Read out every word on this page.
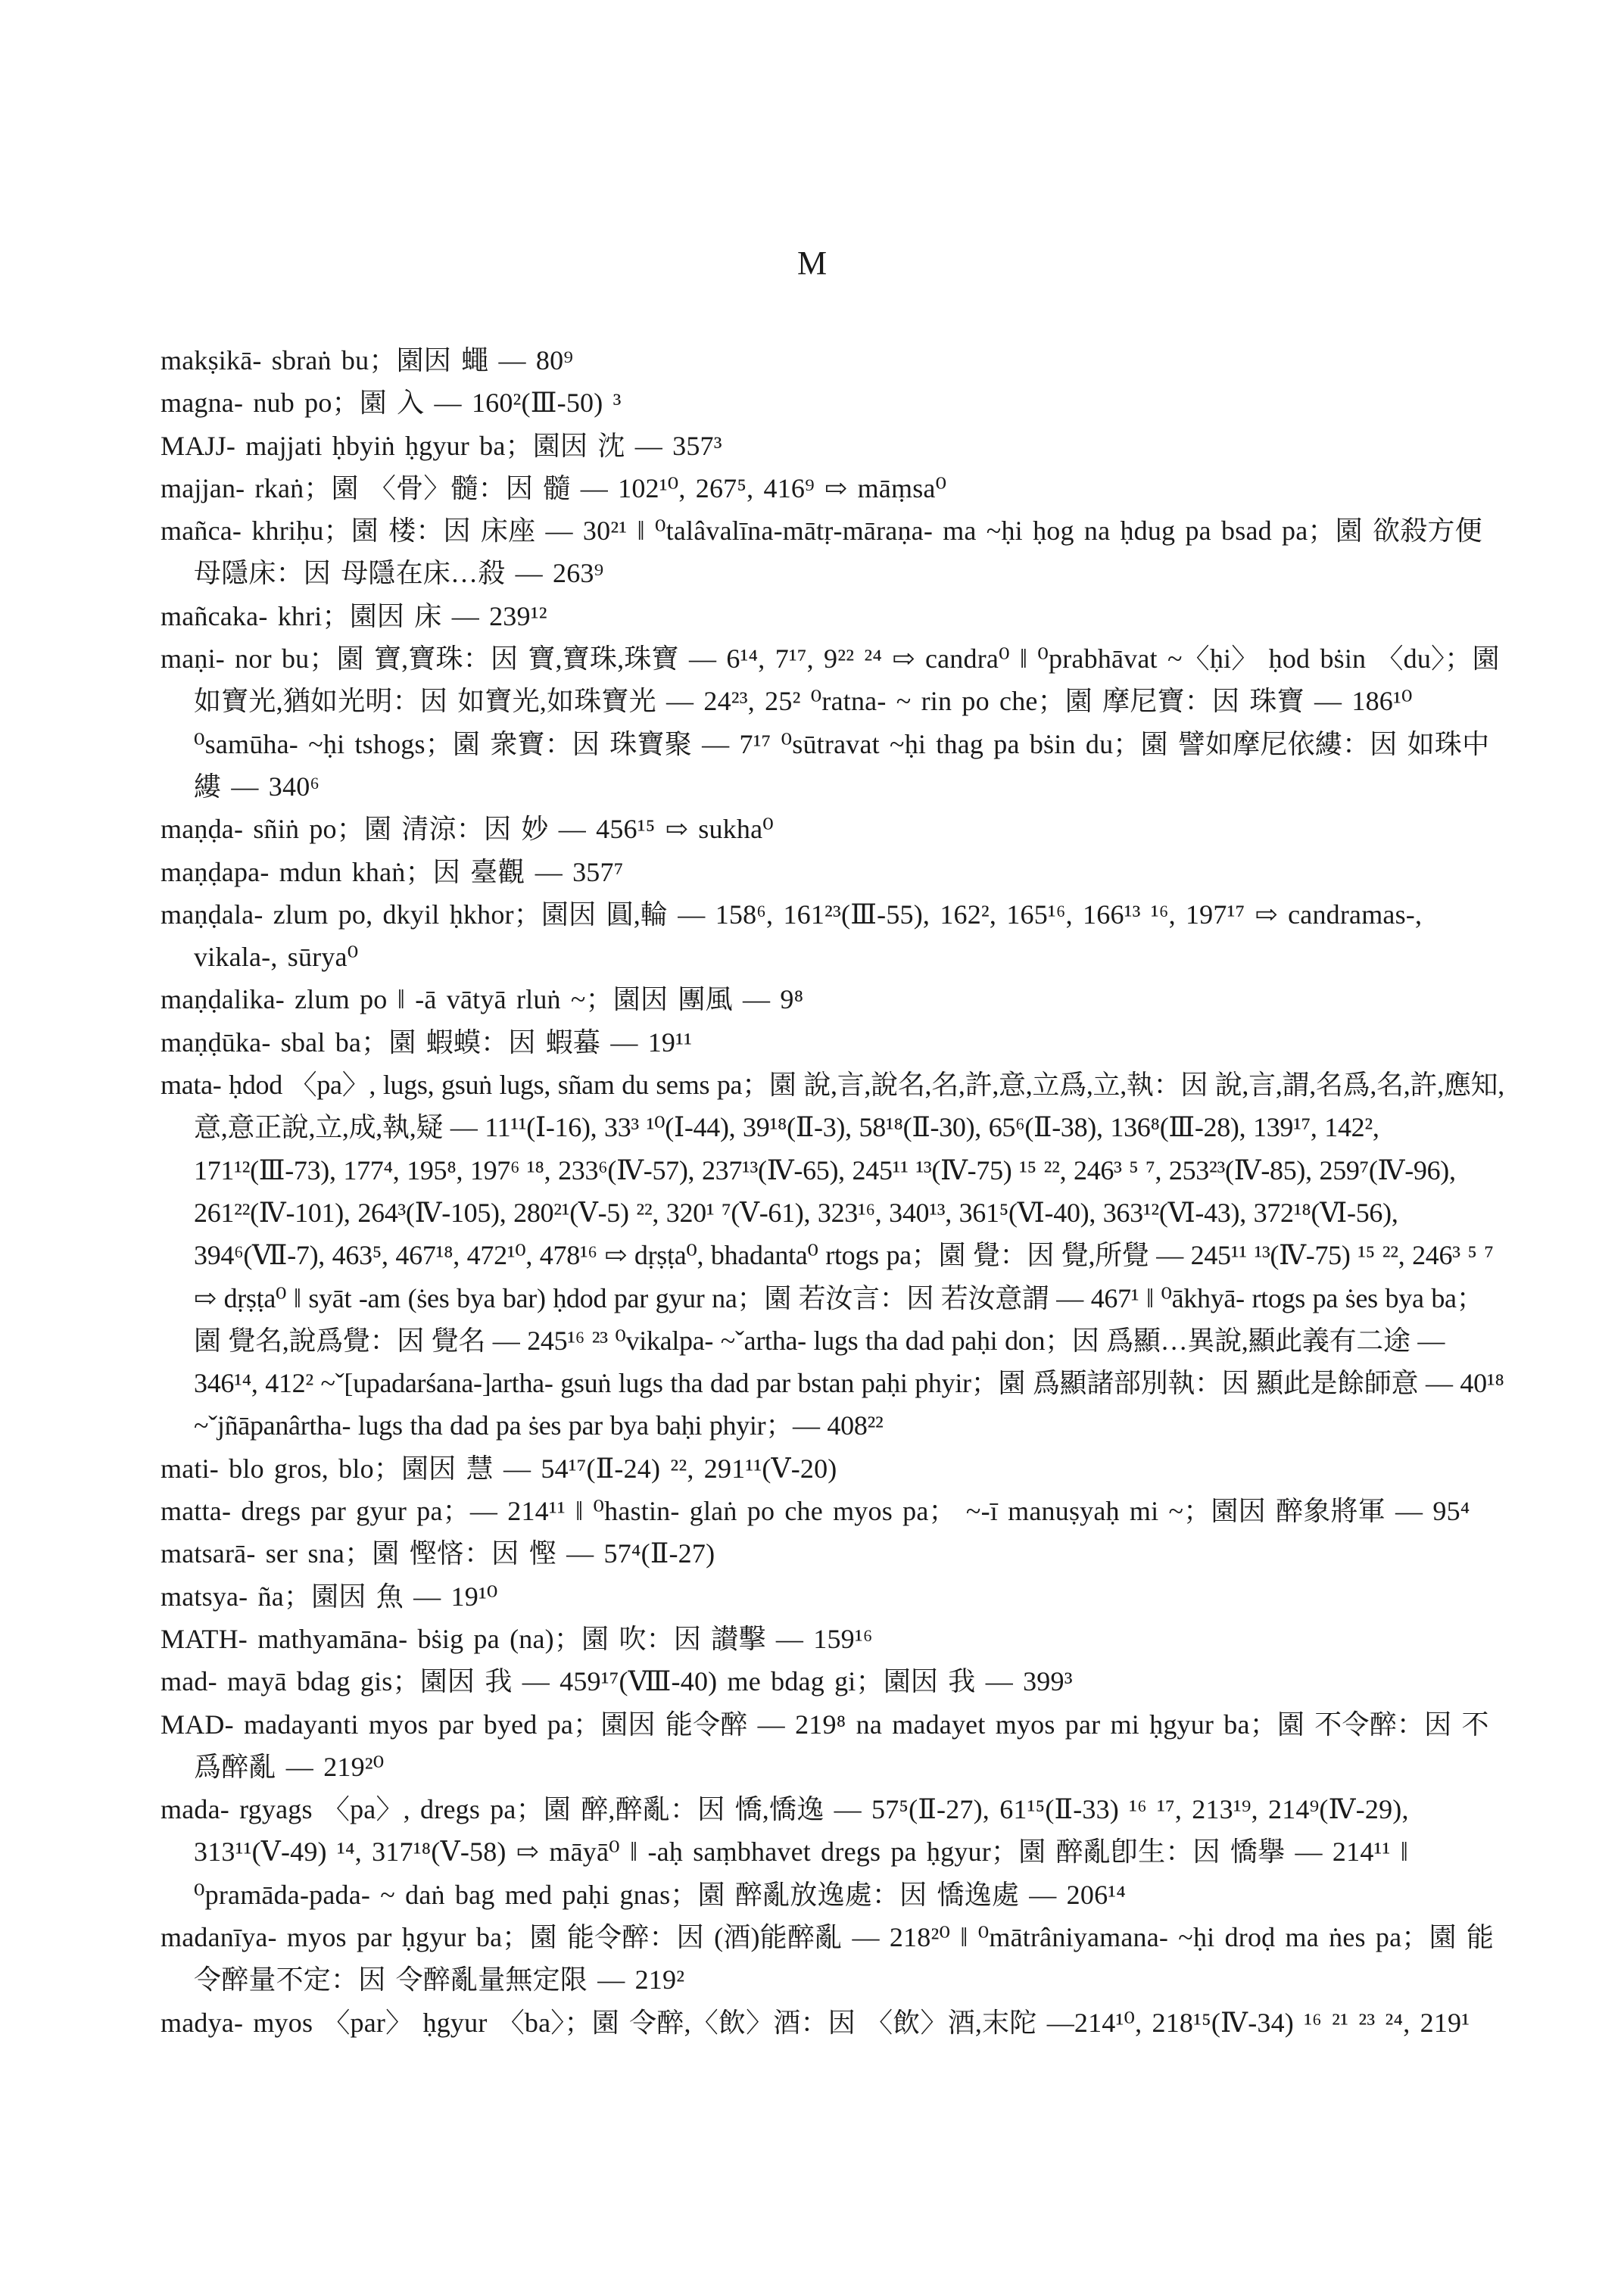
M
makṣikā- sbraṅ bu；園因 蠅 — 80⁹
magna- nub po；園 入 — 160²(Ⅲ-50) ³
MAJJ- majjati ḥbyiṅ ḥgyur ba；園因 沈 — 357³
majjan- rkaṅ；園 〈骨〉髓：因 髓 — 102¹⁰, 267⁵, 416⁹ ⇨ māṃsa⁰
mañca- khriḥu；園 楼：因 床座 — 30²¹ ‖ ⁰talâvalīna-mātṛ-māraṇa- ma ~ḥi ḥog na ḥdug pa bsad pa；園 欲殺方便母隱床：因 母隱在床…殺 — 263⁹
mañcaka- khri；園因 床 — 239¹²
maṇi- nor bu；園 寶,寶珠：因 寶,寶珠,珠寶 — 6¹⁴, 7¹⁷, 9²² ²⁴ ⇨ candra⁰ ‖ ⁰prabhāvat ~〈ḥi〉 ḥod bṡin 〈du〉；園 如寶光,猶如光明：因 如寶光,如珠寶光 — 24²³, 25² ⁰ratna- ~ rin po che；園 摩尼寶：因 珠寶 — 186¹⁰ ⁰samūha- ~ḥi tshogs；園 衆寶：因 珠寶聚 — 7¹⁷ ⁰sūtravat ~ḥi thag pa bṡin du；園 譬如摩尼依縷：因 如珠中縷 — 340⁶
maṇḍa- sñiṅ po；園 清涼：因 妙 — 456¹⁵ ⇨ sukha⁰
maṇḍapa- mdun khaṅ；因 臺觀 — 357⁷
maṇḍala- zlum po, dkyil ḥkhor；園因 圓,輪 — 158⁶, 161²³(Ⅲ-55), 162², 165¹⁶, 166¹³ ¹⁶, 197¹⁷ ⇨ candramas-, vikala-, sūrya⁰
maṇḍalika- zlum po ‖ -ā vātyā rluṅ ~；園因 團風 — 9⁸
maṇḍūka- sbal ba；園 蝦蟆：因 蝦蟇 — 19¹¹
mata- ḥdod 〈pa〉, lugs, gsuṅ lugs, sñam du sems pa；園 說,言,說名,名,許,意,立爲,立,執：因 說,言,謂,名爲,名,許,應知,意,意正說,立,成,執,疑 — 11¹¹(Ⅰ-16), 33³ ¹⁰(Ⅰ-44), 39¹⁸(Ⅱ-3), 58¹⁸(Ⅱ-30), 65⁶(Ⅱ-38), 136⁸(Ⅲ-28), 139¹⁷, 142², 171¹²(Ⅲ-73), 177⁴, 195⁸, 197⁶ ¹⁸, 233⁶(Ⅳ-57), 237¹³(Ⅳ-65), 245¹¹ ¹³(Ⅳ-75) ¹⁵ ²², 246³ ⁵ ⁷, 253²³(Ⅳ-85), 259⁷(Ⅳ-96), 261²²(Ⅳ-101), 264³(Ⅳ-105), 280²¹(Ⅴ-5) ²², 320¹ ⁷(Ⅴ-61), 323¹⁶, 340¹³, 361⁵(Ⅵ-40), 363¹²(Ⅵ-43), 372¹⁸(Ⅵ-56), 394⁶(Ⅶ-7), 463⁵, 467¹⁸, 472¹⁰, 478¹⁶ ⇨ dṛṣṭa⁰, bhadanta⁰ rtogs pa；園 覺：因 覺,所覺 — 245¹¹ ¹³(Ⅳ-75) ¹⁵ ²², 246³ ⁵ ⁷ ⇨ dṛṣṭa⁰ ‖ syāt -am (ṡes bya bar) ḥdod par gyur na；園 若汝言：因 若汝意謂 — 467¹ ‖ ⁰ākhyā- rtogs pa ṡes bya ba；園 覺名,說爲覺：因 覺名 — 245¹⁶ ²³ ⁰vikalpa- ~ˇartha- lugs tha dad paḥi don；因 爲顯…異說,顯此義有二途 — 346¹⁴, 412² ~ˇ[upadarśana-]artha- gsuṅ lugs tha dad par bstan paḥi phyir；園 爲顯諸部別執：因 顯此是餘師意 — 40¹⁸ ~ˇjñāpanârtha- lugs tha dad pa ṡes par bya baḥi phyir；— 408²²
mati- blo gros, blo；園因 慧 — 54¹⁷(Ⅱ-24) ²², 291¹¹(Ⅴ-20)
matta- dregs par gyur pa；— 214¹¹ ‖ ⁰hastin- glaṅ po che myos pa； ~-ī manuṣyaḥ mi ~；園因 醉象將軍 — 95⁴
matsarā- ser sna；園 慳悋：因 慳 — 57⁴(Ⅱ-27)
matsya- ña；園因 魚 — 19¹⁰
MATH- mathyamāna- bṡig pa (na)；園 吹：因 讃擊 — 159¹⁶
mad- mayā bdag gis；園因 我 — 459¹⁷(Ⅷ-40) me bdag gi；園因 我 — 399³
MAD- madayanti myos par byed pa；園因 能令醉 — 219⁸ na madayet myos par mi ḥgyur ba；園 不令醉：因 不爲醉亂 — 219²⁰
mada- rgyags 〈pa〉, dregs pa；園 醉,醉亂：因 憍,憍逸 — 57⁵(Ⅱ-27), 61¹⁵(Ⅱ-33) ¹⁶ ¹⁷, 213¹⁹, 214⁹(Ⅳ-29), 313¹¹(Ⅴ-49) ¹⁴, 317¹⁸(Ⅴ-58) ⇨ māyā⁰ ‖ -aḥ saṃbhavet dregs pa ḥgyur；園 醉亂卽生：因 憍擧 — 214¹¹ ‖ ⁰pramāda-pada- ~ daṅ bag med paḥi gnas；園 醉亂放逸處：因 憍逸處 — 206¹⁴
madanīya- myos par ḥgyur ba；園 能令醉：因 (酒)能醉亂 — 218²⁰ ‖ ⁰mātrâniyamana- ~ḥi droḍ ma ṅes pa；園 能令醉量不定：因 令醉亂量無定限 — 219²
madya- myos 〈par〉 ḥgyur 〈ba〉；園 令醉,〈飲〉酒：因 〈飲〉酒,末陀 —214¹⁰, 218¹⁵(Ⅳ-34) ¹⁶ ²¹ ²³ ²⁴, 219¹
